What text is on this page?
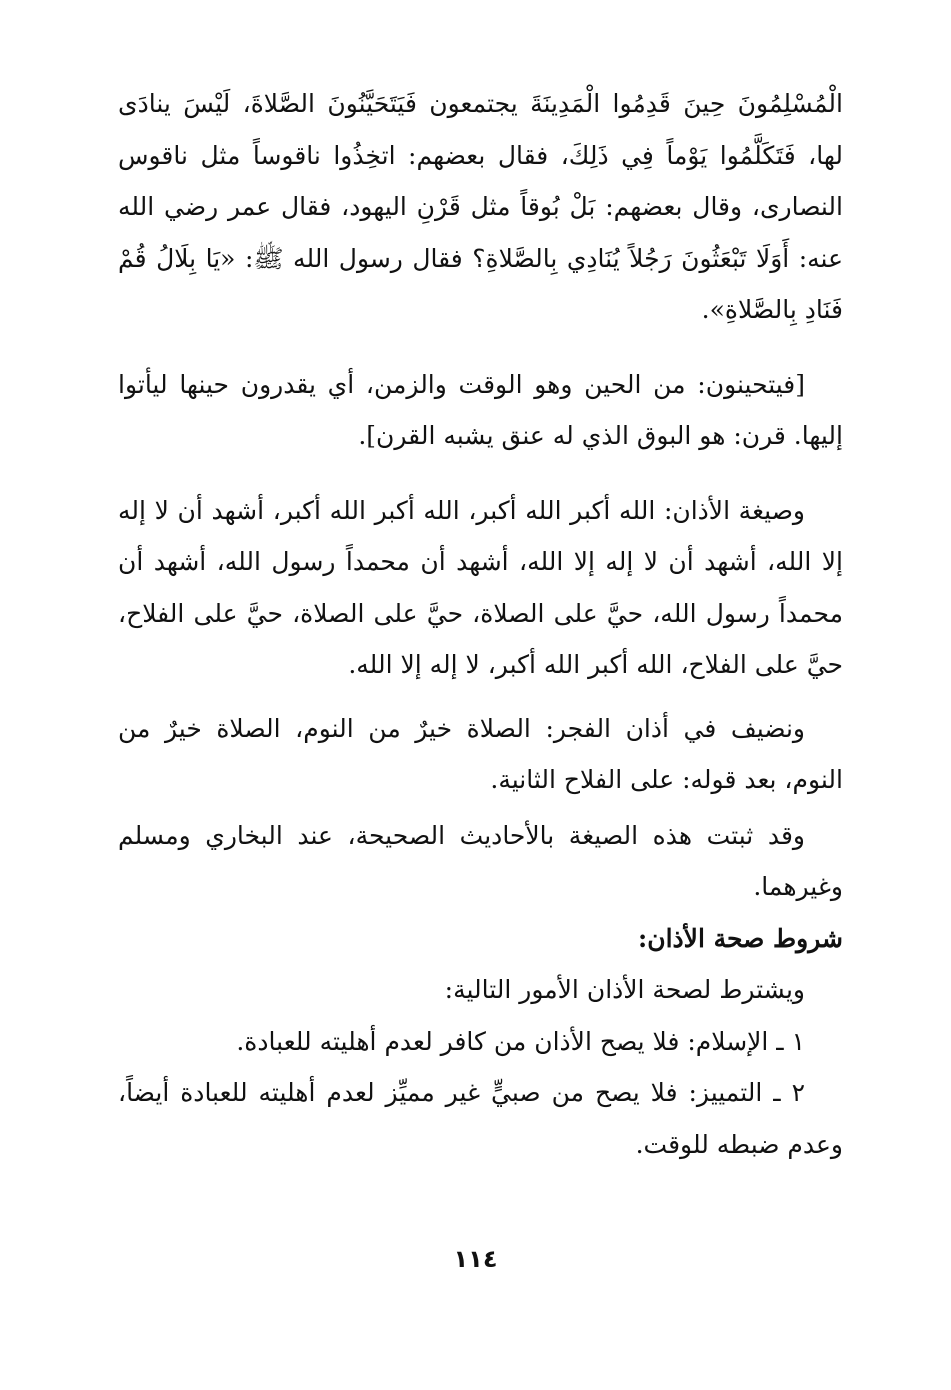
الْمُسْلِمُونَ حِينَ قَدِمُوا الْمَدِينَةَ يجتمعون فَيَتَحَيَّنُونَ الصَّلاةَ، لَيْسَ ينادَى لها، فَتَكَلَّمُوا يَوْماً فِي ذَلِكَ، فقال بعضهم: اتخِذُوا ناقوساً مثل ناقوس النصارى، وقال بعضهم: بَلْ بُوقاً مثل قَرْنِ اليهود، فقال عمر رضي الله عنه: أَوَلَا تَبْعَثُونَ رَجُلاً يُنَادِي بِالصَّلاةِ؟ فقال رسول الله ﷺ: «يَا بِلَالُ قُمْ فَنَادِ بِالصَّلاةِ».

[فيتحينون: من الحين وهو الوقت والزمن، أي يقدرون حينها ليأتوا إليها. قرن: هو البوق الذي له عنق يشبه القرن].

وصيغة الأذان: الله أكبر الله أكبر، الله أكبر الله أكبر، أشهد أن لا إله إلا الله، أشهد أن لا إله إلا الله، أشهد أن محمداً رسول الله، أشهد أن محمداً رسول الله، حيَّ على الصلاة، حيَّ على الصلاة، حيَّ على الفلاح، حيَّ على الفلاح، الله أكبر الله أكبر، لا إله إلا الله.

ونضيف في أذان الفجر: الصلاة خيرٌ من النوم، الصلاة خيرٌ من النوم، بعد قوله: على الفلاح الثانية.

وقد ثبتت هذه الصيغة بالأحاديث الصحيحة، عند البخاري ومسلم وغيرهما.

شروط صحة الأذان:

ويشترط لصحة الأذان الأمور التالية:

١ ـ الإسلام: فلا يصح الأذان من كافر لعدم أهليته للعبادة.

٢ ـ التمييز: فلا يصح من صبيٍّ غير مميِّز لعدم أهليته للعبادة أيضاً، وعدم ضبطه للوقت.

١١٤
